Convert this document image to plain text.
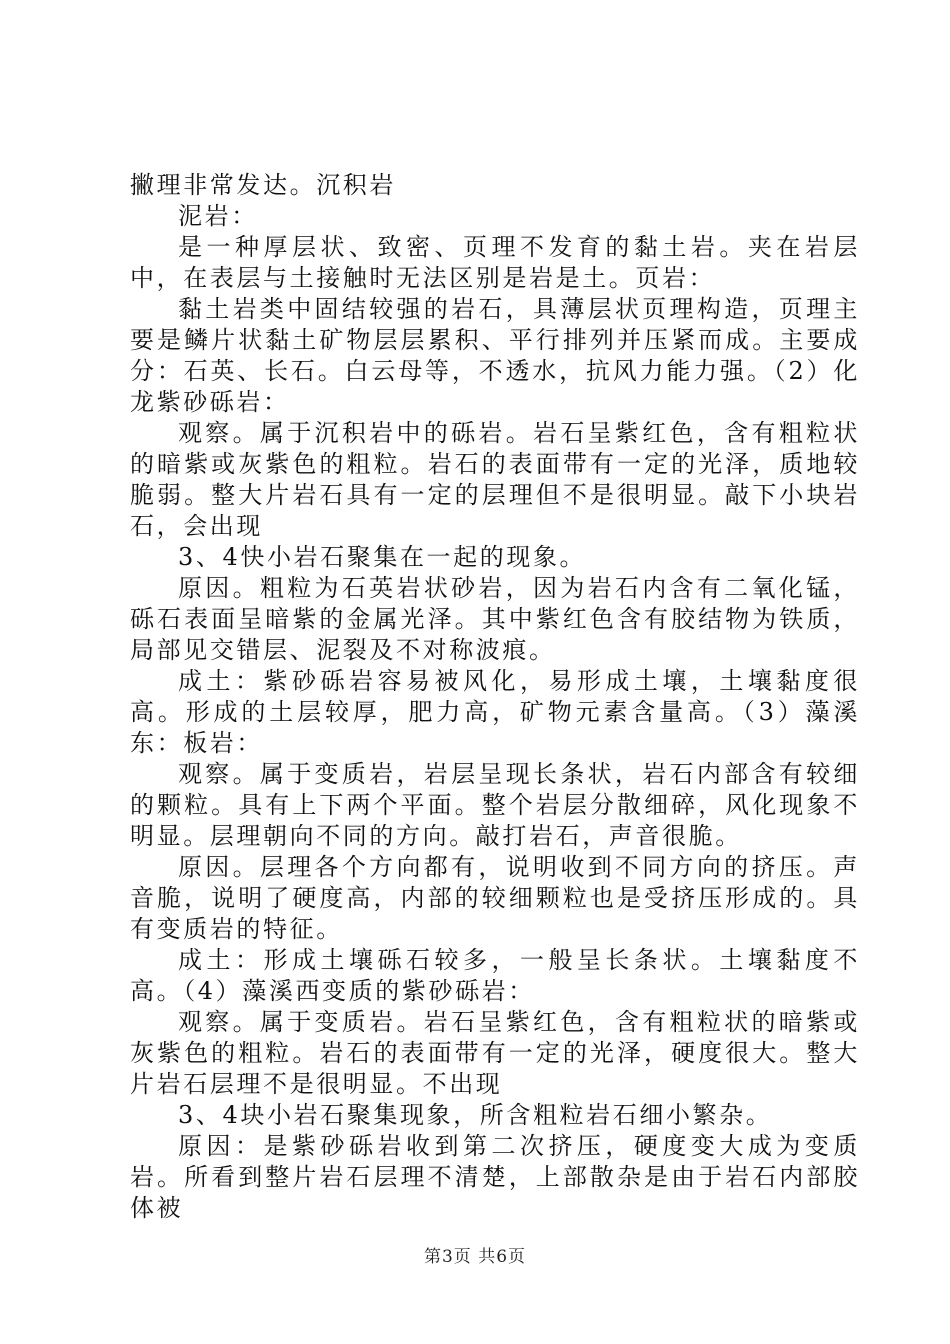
撇理非常发达。沉积岩

泥岩：

是一种厚层状、致密、页理不发育的黏土岩。夹在岩层中，在表层与土接触时无法区别是岩是土。页岩：

黏土岩类中固结较强的岩石，具薄层状页理构造，页理主要是鳞片状黏土矿物层层累积、平行排列并压紧而成。主要成分：石英、长石。白云母等，不透水，抗风力能力强。（2）化龙紫砂砾岩：

观察。属于沉积岩中的砾岩。岩石呈紫红色，含有粗粒状的暗紫或灰紫色的粗粒。岩石的表面带有一定的光泽，质地较脆弱。整大片岩石具有一定的层理但不是很明显。敲下小块岩石，会出现

3、4快小岩石聚集在一起的现象。

原因。粗粒为石英岩状砂岩，因为岩石内含有二氧化锰，砾石表面呈暗紫的金属光泽。其中紫红色含有胶结物为铁质，局部见交错层、泥裂及不对称波痕。

成土：紫砂砾岩容易被风化，易形成土壤，土壤黏度很高。形成的土层较厚，肥力高，矿物元素含量高。（3）藻溪东：板岩：

观察。属于变质岩，岩层呈现长条状，岩石内部含有较细的颗粒。具有上下两个平面。整个岩层分散细碎，风化现象不明显。层理朝向不同的方向。敲打岩石，声音很脆。

原因。层理各个方向都有，说明收到不同方向的挤压。声音脆，说明了硬度高，内部的较细颗粒也是受挤压形成的。具有变质岩的特征。

成土：形成土壤砾石较多，一般呈长条状。土壤黏度不高。（4）藻溪西变质的紫砂砾岩：

观察。属于变质岩。岩石呈紫红色，含有粗粒状的暗紫或灰紫色的粗粒。岩石的表面带有一定的光泽，硬度很大。整大片岩石层理不是很明显。不出现

3、4块小岩石聚集现象，所含粗粒岩石细小繁杂。

原因：是紫砂砾岩收到第二次挤压，硬度变大成为变质岩。所看到整片岩石层理不清楚，上部散杂是由于岩石内部胶体被

第3页 共6页
